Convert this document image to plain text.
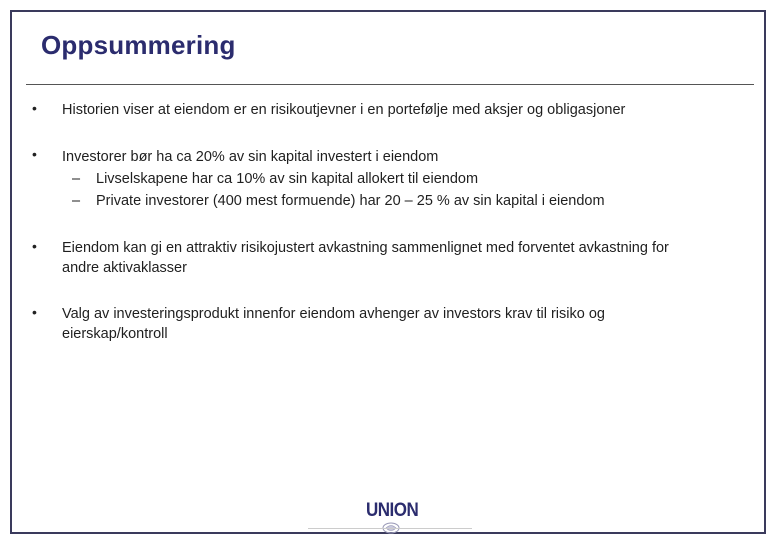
Oppsummering
• Historien viser at eiendom er en risikoutjevner i en portefølje med aksjer og obligasjoner
• Investorer bør ha ca 20% av sin kapital investert i eiendom
– Livselskapene har ca 10% av sin kapital allokert til eiendom
– Private investorer (400 mest formuende) har 20 – 25 % av sin kapital i eiendom
• Eiendom kan gi en attraktiv risikojustert avkastning sammenlignet med forventet avkastning for
andre aktivaklasser
• Valg av investeringsprodukt innenfor eiendom avhenger av investors krav til risiko og
eierskap/kontroll
UNION
